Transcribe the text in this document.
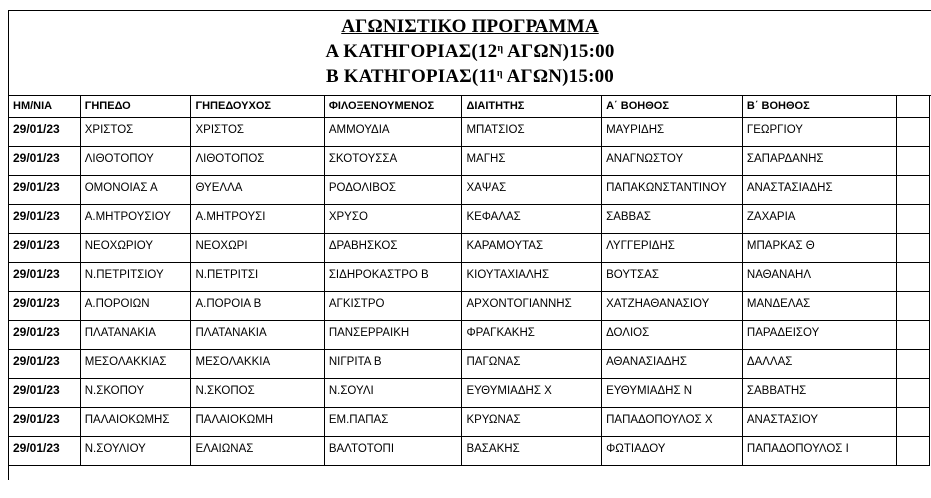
ΑΓΩΝΙΣΤΙΚΟ ΠΡΟΓΡΑΜΜΑ
Α $KATH\Gamma OPIA\Sigma(12^\eta$ ΑΓΩΝ)15:00
Β $KATH\Gamma OPIA\Sigma(11^\eta$ ΑΓΩΝ)15:00
ΗΜ/ΝΙΑ	ΓΗΠΕΔΟ	ΓΗΠΕΔΟΥΧΟΣ	ΦΙΛΟΞΕΝΟΥΜΕΝΟΣ	ΔΙΑΙΤΗΤΗΣ	Α΄ ΒΟΗΘΟΣ	Β΄ ΒΟΗΘΟΣ	
29/01/23	ΧΡΙΣΤΟΣ	ΧΡΙΣΤΟΣ	ΑΜΜΟΥΔΙΑ	ΜΠΑΤΣΙΟΣ	ΜΑΥΡΙΔΗΣ	ΓΕΩΡΓΙΟΥ	
29/01/23	ΛΙΘΟΤΟΠΟΥ	ΛΙΘΟΤΟΠΟΣ	ΣΚΟΤΟΥΣΣΑ	ΜΑΓΗΣ	ΑΝΑΓΝΩΣΤΟΥ	ΣΑΠΑΡΔΑΝΗΣ	
29/01/23	ΟΜΟΝΟΙΑΣ Α	ΘΥΕΛΛΑ	ΡΟΔΟΛΙΒΟΣ	ΧΑΨΑΣ	ΠΑΠΑΚΩΝΣΤΑΝΤΙΝΟΥ	ΑΝΑΣΤΑΣΙΑΔΗΣ	
29/01/23	Α.ΜΗΤΡΟΥΣΙΟΥ	Α.ΜΗΤΡΟΥΣΙ	ΧΡΥΣΟ	ΚΕΦΑΛΑΣ	ΣΑΒΒΑΣ	ΖΑΧΑΡΙΑ	
29/01/23	ΝΕΟΧΩΡΙΟΥ	ΝΕΟΧΩΡΙ	ΔΡΑΒΗΣΚΟΣ	ΚΑΡΑΜΟΥΤΑΣ	ΛΥΓΓΕΡΙΔΗΣ	ΜΠΑΡΚΑΣ Θ	
29/01/23	Ν.ΠΕΤΡΙΤΣΙΟΥ	Ν.ΠΕΤΡΙΤΣΙ	ΣΙΔΗΡΟΚΑΣΤΡΟ Β	ΚΙΟΥΤΑΧΙΑΛΗΣ	ΒΟΥΤΣΑΣ	ΝΑΘΑΝΑΗΛ	
29/01/23	Α.ΠΟΡΟΙΩΝ	Α.ΠΟΡΟΙΑ Β	ΑΓΚΙΣΤΡΟ	ΑΡΧΟΝΤΟΓΙΑΝΝΗΣ	ΧΑΤΖΗΑΘΑΝΑΣΙΟΥ	ΜΑΝΔΕΛΑΣ	
29/01/23	ΠΛΑΤΑΝΑΚΙΑ	ΠΛΑΤΑΝΑΚΙΑ	ΠΑΝΣΕΡΡΑΙΚΗ	ΦΡΑΓΚΑΚΗΣ	ΔΟΛΙΟΣ	ΠΑΡΑΔΕΙΣΟΥ	
29/01/23	ΜΕΣΟΛΑΚΚΙΑΣ	ΜΕΣΟΛΑΚΚΙΑ	ΝΙΓΡΙΤΑ Β	ΠΑΓΩΝΑΣ	ΑΘΑΝΑΣΙΑΔΗΣ	ΔΑΛΛΑΣ	
29/01/23	Ν.ΣΚΟΠΟΥ	Ν.ΣΚΟΠΟΣ	Ν.ΣΟΥΛΙ	ΕΥΘΥΜΙΑΔΗΣ Χ	ΕΥΘΥΜΙΑΔΗΣ Ν	ΣΑΒΒΑΤΗΣ	
29/01/23	ΠΑΛΑΙΟΚΩΜΗΣ	ΠΑΛΑΙΟΚΩΜΗ	ΕΜ.ΠΑΠΑΣ	ΚΡΥΩΝΑΣ	ΠΑΠΑΔΟΠΟΥΛΟΣ Χ	ΑΝΑΣΤΑΣΙΟΥ	
29/01/23	Ν.ΣΟΥΛΙΟΥ	ΕΛΑΙΩΝΑΣ	ΒΑΛΤΟΤΟΠΙ	ΒΑΣΑΚΗΣ	ΦΩΤΙΑΔΟΥ	ΠΑΠΑΔΟΠΟΥΛΟΣ Ι	
